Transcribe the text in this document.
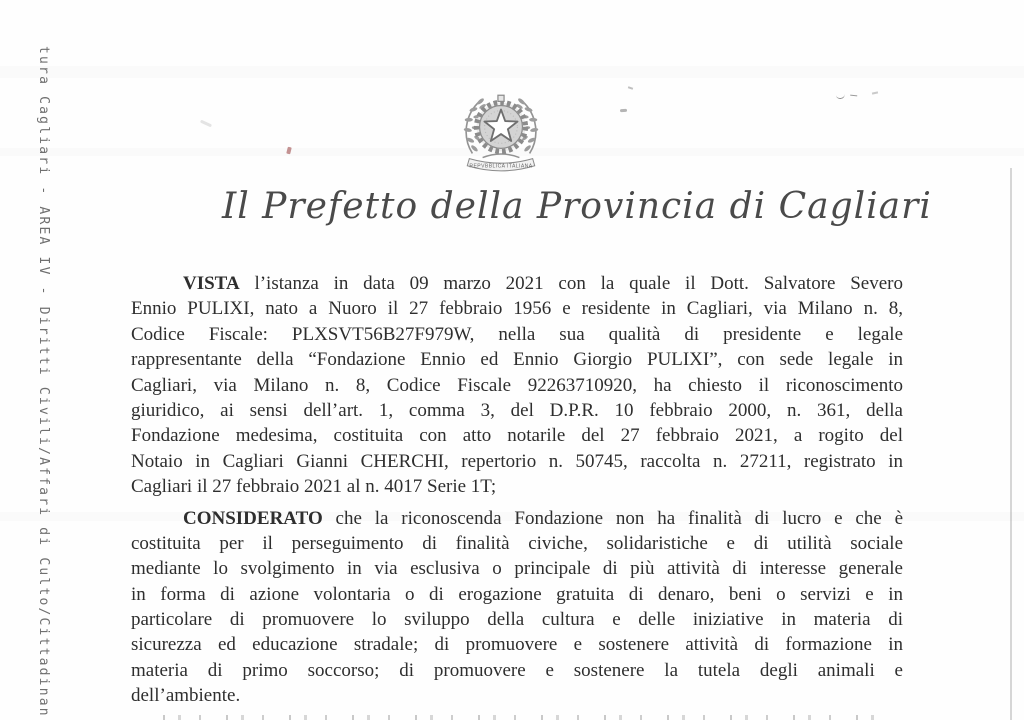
tura Cagliari - AREA IV - Diritti Civili/Affari di Culto/Cittadinan	REPVBBLICA ITALIANA
Il Prefetto della Provincia di Cagliari

VISTA l’istanza in data 09 marzo 2021 con la quale il Dott. Salvatore Severo
Ennio PULIXI, nato a Nuoro il 27 febbraio 1956 e residente in Cagliari, via Milano n. 8,
Codice Fiscale: PLXSVT56B27F979W, nella sua qualità di presidente e legale
rappresentante della “Fondazione Ennio ed Ennio Giorgio PULIXI”, con sede legale in
Cagliari, via Milano n. 8, Codice Fiscale 92263710920, ha chiesto il riconoscimento
giuridico, ai sensi dell’art. 1, comma 3, del D.P.R. 10 febbraio 2000, n. 361, della
Fondazione medesima, costituita con atto notarile del 27 febbraio 2021, a rogito del
Notaio in Cagliari Gianni CHERCHI, repertorio n. 50745, raccolta n. 27211, registrato in
Cagliari il 27 febbraio 2021 al n. 4017 Serie 1T;

CONSIDERATO che la riconoscenda Fondazione non ha finalità di lucro e che è
costituita per il perseguimento di finalità civiche, solidaristiche e di utilità sociale
mediante lo svolgimento in via esclusiva o principale di più attività di interesse generale
in forma di azione volontaria o di erogazione gratuita di denaro, beni o servizi e in
particolare di promuovere lo sviluppo della cultura e delle iniziative in materia di
sicurezza ed educazione stradale; di promuovere e sostenere attività di formazione in
materia di primo soccorso; di promuovere e sostenere la tutela degli animali e
dell’ambiente.
